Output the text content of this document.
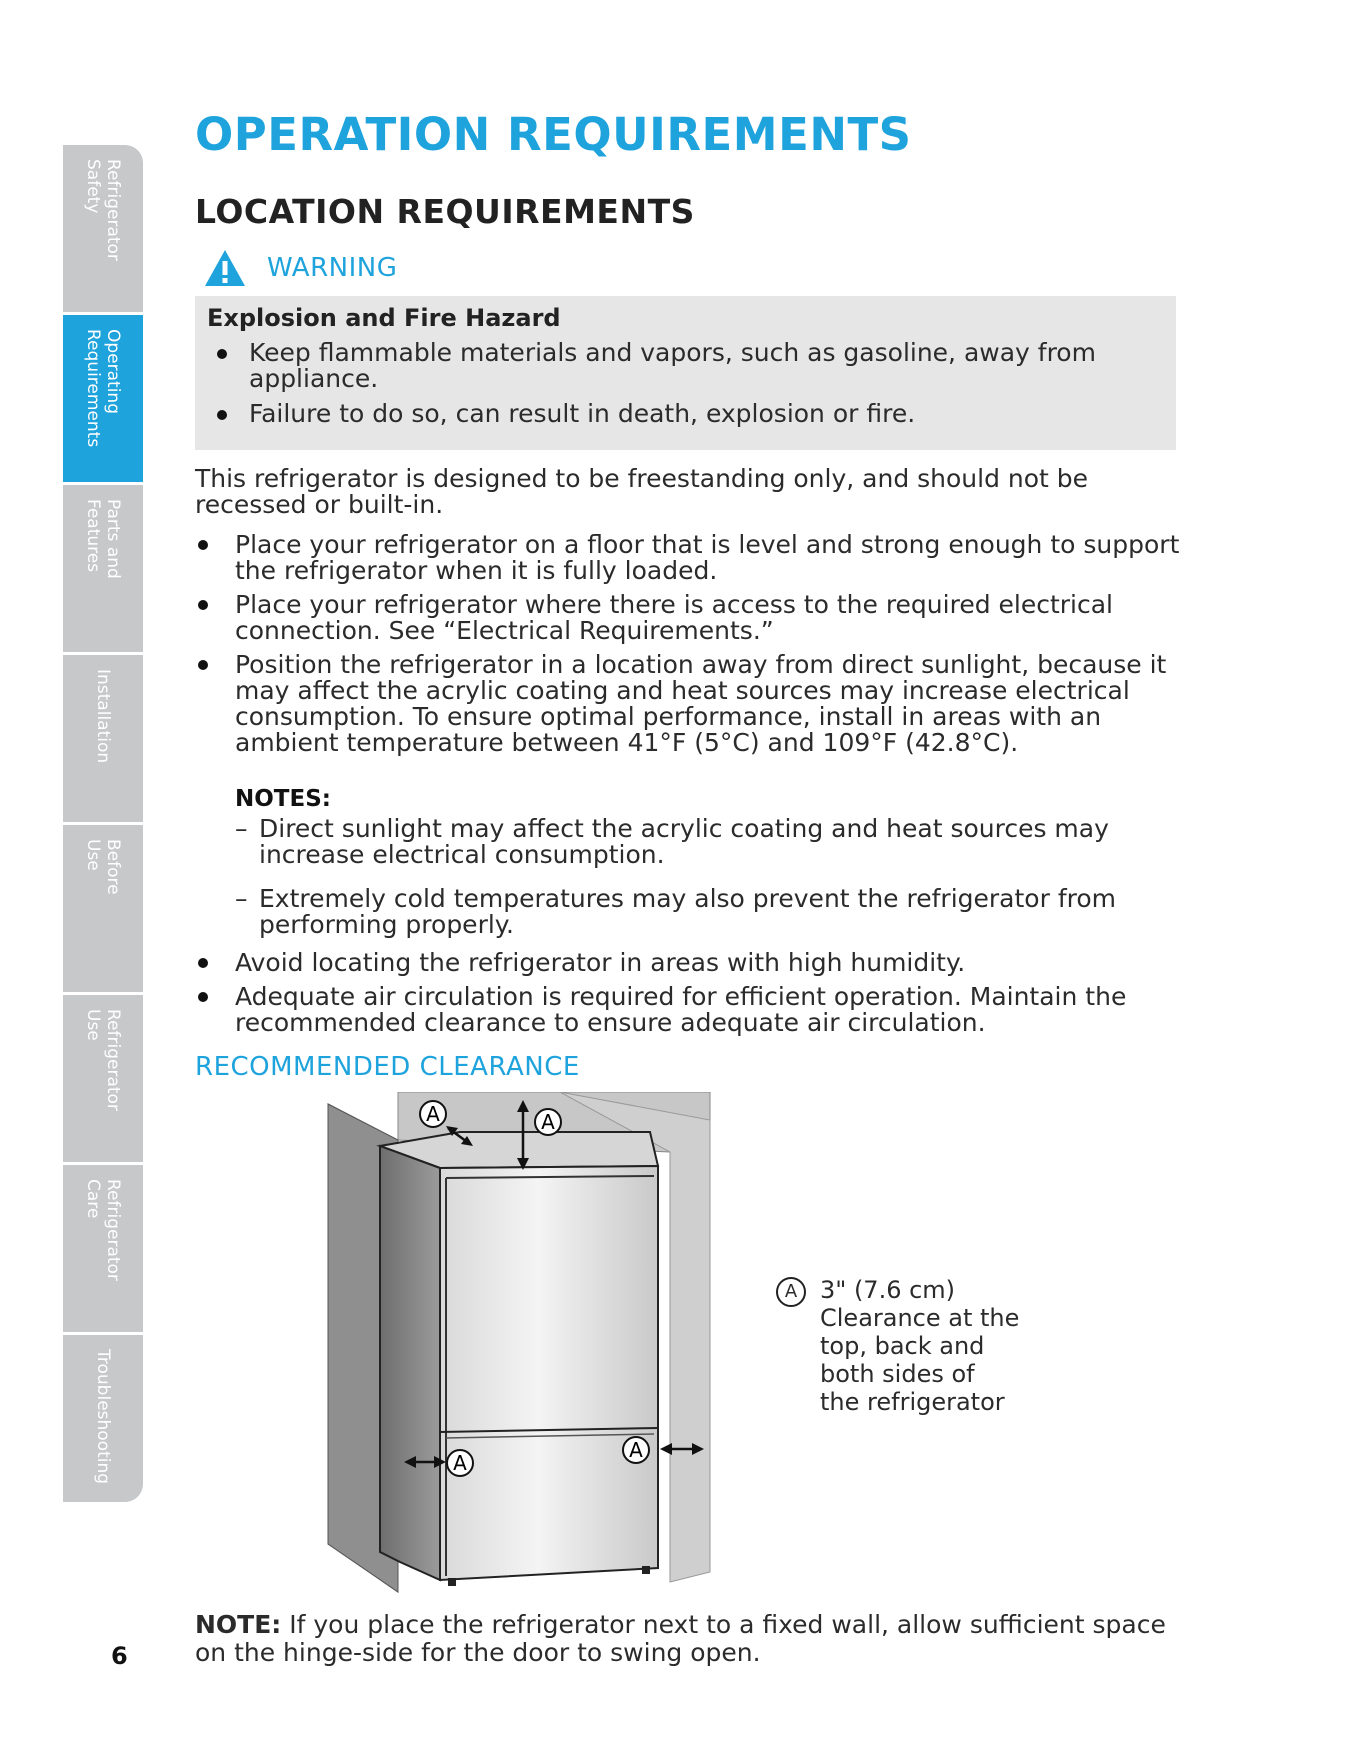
OPERATION REQUIREMENTS
LOCATION REQUIREMENTS
Refrigerator
Safety
Operating
Requirements
Parts and
Features
Installation
Before
Use
Refrigerator
Use
Refrigerator
Care
Troubleshooting
WARNING

Explosion and Fire Hazard

Keep flammable materials and vapors, such as gasoline, away from appliance.
Failure to do so, can result in death, explosion or fire.

This refrigerator is designed to be freestanding only, and should not be recessed or built-in.

Place your refrigerator on a floor that is level and strong enough to support the refrigerator when it is fully loaded.
Place your refrigerator where there is access to the required electrical connection. See “Electrical Requirements.”
Position the refrigerator in a location away from direct sunlight, because it may affect the acrylic coating and heat sources may increase electrical consumption. To ensure optimal performance, install in areas with an ambient temperature between 41°F (5°C) and 109°F (42.8°C).

NOTES:

– Direct sunlight may affect the acrylic coating and heat sources may increase electrical consumption.

– Extremely cold temperatures may also prevent the refrigerator from performing properly.

Avoid locating the refrigerator in areas with high humidity.
Adequate air circulation is required for efficient operation. Maintain the recommended clearance to ensure adequate air circulation.
RECOMMENDED CLEARANCE
A	A
A
A
A 3" (7.6 cm)
Clearance at the
top, back and
both sides of
the refrigerator

NOTE: If you place the refrigerator next to a fixed wall, allow sufficient space on the hinge-side for the door to swing open.

6
